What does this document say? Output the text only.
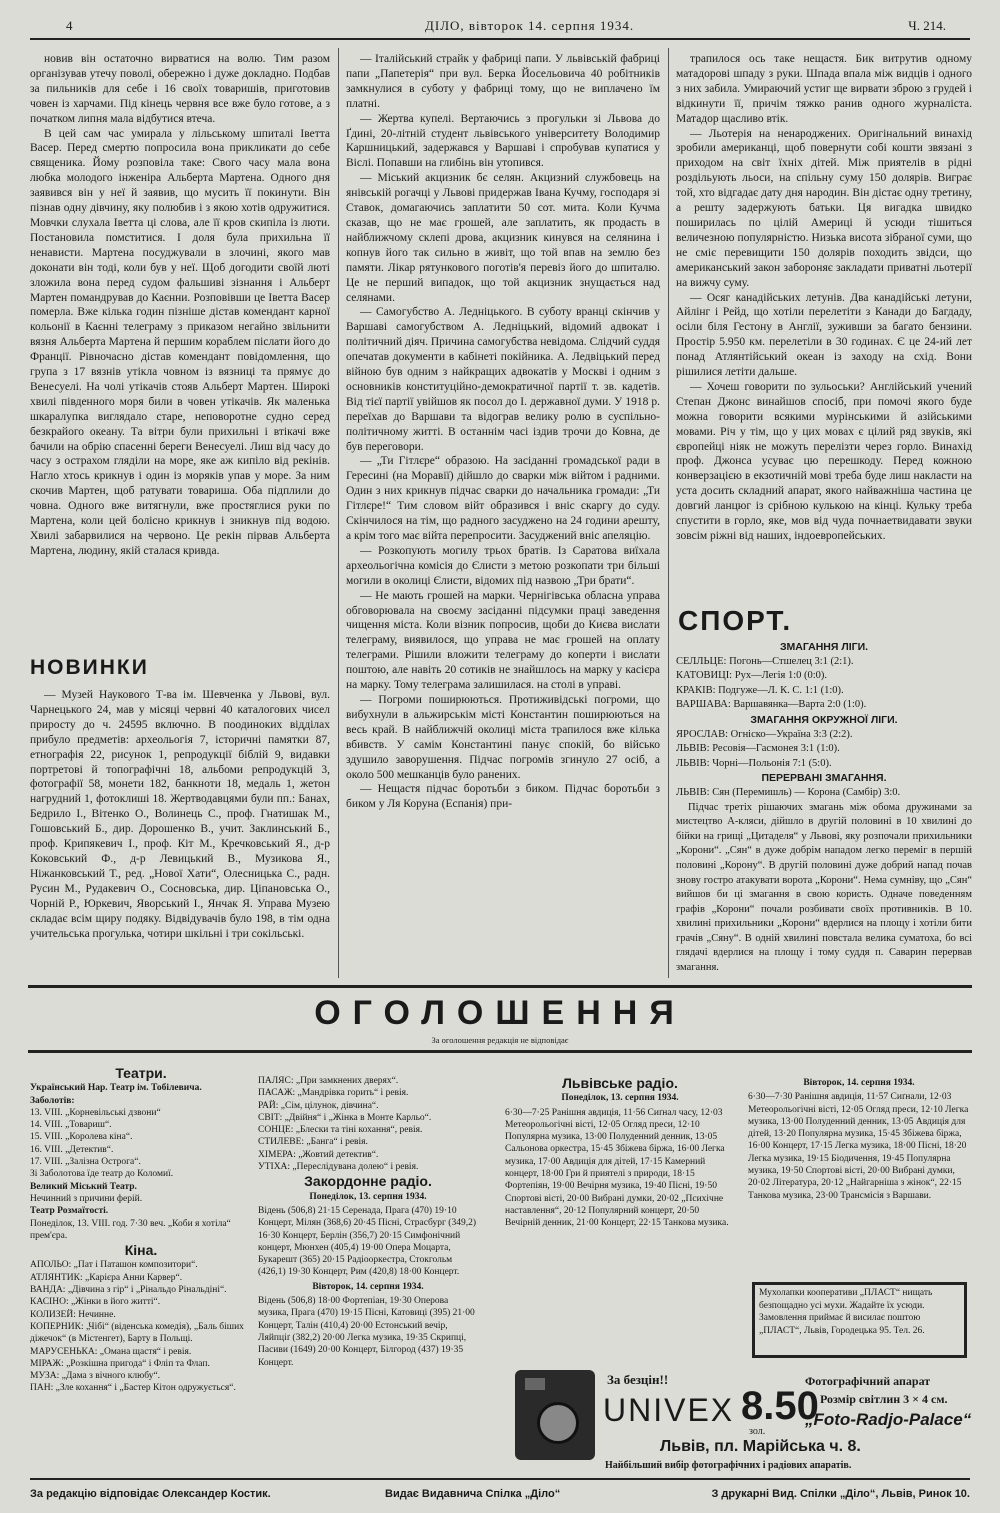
4	ДІЛО, вівторок 14. серпня 1934.	Ч. 214.

новив він остаточно вирватися на волю. Тим разом організував утечу поволі, обережно і дуже докладно. Подбав за пильників для себе і 16 своїх товаришів, приготовив човен із харчами. Під кінець червня все вже було готове, а з початком липня мала відбутися втеча.

В цей сам час умирала у лільському шпиталі Іветта Васер. Перед смертю попросила вона прикликати до себе священика. Йому розповіла таке: Свого часу мала вона любка молодого інженіра Альберта Мартена. Одного дня заявився він у неї й заявив, що мусить її покинути. Він пізнав одну дівчину, яку полюбив і з якою хотів одружитися. Мовчки слухала Іветта ці слова, але її кров скипіла із люти. Постановила помститися. І доля була прихильна її ненависти. Мартена посуджували в злочині, якого мав доконати він тоді, коли був у неї. Щоб догодити своїй люті зложила вона перед судом фальшиві зізнання і Альберт Мартен помандрував до Каєнни. Розповівши це Іветта Васер померла. Вже кілька годин пізніше дістав комендант карної кольонії в Каєнні телеграму з приказом негайно звільнити вязня Альберта Мартена й першим кораблем післати його до Франції. Рівночасно дістав комендант повідомлення, що група з 17 вязнів утікла човном із вязниці та прямує до Венесуелі. На чолі утікачів стояв Альберт Мартен. Широкі хвилі південного моря били в човен утікачів. Як маленька шкаралупка виглядало старе, неповоротне судно серед безкрайого океану. Та вітри були прихильні і втікачі вже бачили на обрію спасенні береги Венесуелі. Лиш від часу до часу з острахом гляділи на море, яке аж кипіло від рекінів. Нагло хтось крикнув і один із моряків упав у море. За ним скочив Мартен, щоб ратувати товариша. Оба підплили до човна. Одного вже витягнули, вже простяглися руки по Мартена, коли цей болісно крикнув і зникнув під водою. Хвилі забарвилися на червоно. Це рекін пірвав Альберта Мартена, людину, якій сталася кривда.

НОВИНКИ

— Музей Наукового Т-ва ім. Шевченка у Львові, вул. Чарнецького 24, мав у місяці червні 40 каталогових чисел приросту до ч. 24595 включно. В поодиноких відділах прибуло предметів: археольогія 7, історичні памятки 87, етнографія 22, рисунок 1, репродукції біблій 9, видавки портретові й топографічні 18, альбоми репродукцій 3, фотографії 58, монети 182, банкноти 18, медаль 1, жетон нагрудний 1, фотоклиші 18. Жертводавцями були пп.: Банах, Бедрило І., Вітенко О., Волинець С., проф. Гнатишак М., Гошовський Б., дир. Дорошенко В., учит. Заклинський Б., проф. Крипякевич І., проф. Кіт М., Кречковський Я., д-р Коковський Ф., д-р Левицький В., Музикова Я., Ніжанковський Т., ред. „Нової Хати“, Олесницька С., радн. Русин М., Рудакевич О., Сосновська, дир. Ціпановська О., Чорній Р., Юркевич, Яворський І., Янчак Я. Управа Музею складає всім щиру подяку. Відвідувачів було 198, в тім одна учительська прогулька, чотири шкільні і три сокільські.

— Італійський страйк у фабриці папи. У львівській фабриці папи „Папетерія“ при вул. Берка Йосельовича 40 робітників замкнулися в суботу у фабриці тому, що не виплачено їм платні.

— Жертва купелі. Вертаючись з прогульки зі Львова до Ґдині, 20-літній студент львівського університету Володимир Каршницький, задержався у Варшаві і спробував купатися у Віслі. Попавши на глибінь він утопився.

— Міський акцизник бє селян. Акцизний службовець на янівській рогачці у Львові придержав Івана Кучму, господаря зі Ставок, домагаючись заплатити 50 сот. мита. Коли Кучма сказав, що не має грошей, але заплатить, як продасть в найближчому склепі дрова, акцизник кинувся на селянина і копнув його так сильно в живіт, що той впав на землю без памяти. Лікар рятункового поготів'я перевіз його до шпиталю. Це не перший випадок, що той акцизник знущається над селянами.

— Самогубство А. Ледніцького. В суботу вранці скінчив у Варшаві самогубством А. Ледніцький, відомий адвокат і політичний діяч. Причина самогубства невідома. Слідчий суддя опечатав документи в кабінеті покійника. А. Ледвіцький перед війною був одним з найкращих адвокатів у Москві і одним з основників конституційно-демократичної партії т. зв. кадетів. Від тієї партії увійшов як посол до І. державної думи. У 1918 р. переїхав до Варшави та відограв велику ролю в суспільно-політичному житті. В останнім часі іздив трочи до Ковна, де був переговори.

— „Ти Гітлєре“ образою. На засіданні громадської ради в Гересині (на Моравії) дійшло до сварки між війтом і радними. Один з них крикнув підчас сварки до начальника громади: „Ти Гітлєре!“ Тим словом війт образився і вніс скаргу до суду. Скінчилося на тім, що радного засуджено на 24 години арешту, а крім того має війта перепросити. Засуджений вніс апеляцію.

— Розкопують могилу трьох братів. Із Саратова виїхала археольогічна комісія до Єлисти з метою розкопати три більші могили в околиці Єлисти, відомих під назвою „Три брати“.

— Не мають грошей на марки. Чернігівська обласна управа обговорювала на своєму засіданні підсумки праці заведення чищення міста. Коли візник попросив, щоби до Києва вислати телеграму, виявилося, що управа не має грошей на оплату телеграми. Рішили вложити телеграму до коперти і вислати поштою, але навіть 20 сотиків не знайшлось на марку у касієра на марку. Тому телеграма залишилася. на столі в управі.

— Погроми поширюються. Протиживідські погроми, що вибухнули в альжирськім місті Константин поширюються на весь край. В найближчій околиці міста трапилося вже кілька вбивств. У самім Константині панує спокій, бо військо здушило заворушення. Підчас погромів згинуло 27 осіб, а около 500 мешканців було ранених.

— Нещастя підчас боротьби з биком. Підчас боротьби з биком у Ля Коруна (Еспанія) при-

трапилося ось таке нещастя. Бик витрутив одному матадорові шпаду з руки. Шпада впала між видців і одного з них забила. Умираючий устиг ще вирвати зброю з грудей і відкинути її, причім тяжко ранив одного журналіста. Матадор щасливо втік.

— Льотерія на ненароджених. Оригінальний винахід зробили американці, щоб повернути собі кошти звязані з приходом на світ їхніх дітей. Між приятелів в рідні роздільують льоси, на спільну суму 150 долярів. Виграє той, хто відгадає дату дня народин. Він дістає одну третину, а решту задержують батьки. Ця вигадка швидко поширилась по цілій Америці й усюди тішиться величезною популярністю. Низька висота зібраної суми, що не сміє перевищити 150 долярів походить звідси, що американський закон забороняє закладати приватні льотерії на вижчу суму.

— Осяг канадійських летунів. Два канадійські летуни, Айлінг і Рейд, що хотіли перелетіти з Канади до Багдаду, осіли біля Гестону в Англії, зуживши за багато бензини. Простір 5.950 км. перелетіли в 30 годинах. Є це 24-ий лет понад Атлянтійський океан із заходу на схід. Вони рішилися летіти дальше.

— Хочеш говорити по зульоськи? Англійський учений Степан Джонс винайшов спосіб, при помочі якого буде можна говорити всякими мурінськими й азійськими мовами. Річ у тім, що у цих мовах є цілий ряд звуків, які європейці ніяк не можуть перелізти через горло. Винахід проф. Джонса усуває цю перешкоду. Перед кожною конверзацією в екзотичній мові треба буде лиш накласти на уста досить складний апарат, якого найважніша частина це довгий ланцюг із срібною кулькою на кінці. Кульку треба спустити в горло, яке, мов від чуда почнаетвидавати звуки зовсім ріжні від наших, індоевропейських.

СПОРТ.
ЗМАГАННЯ ЛІГИ.
СЕЛЛЬЦЕ: Погонь—Стшелец 3:1 (2:1).
КАТОВИЦІ: Рух—Легія 1:0 (0:0).
КРАКІВ: Подгуже—Л. К. С. 1:1 (1:0).
ВАРШАВА: Варшавянка—Варта 2:0 (1:0).
ЗМАГАННЯ ОКРУЖНОЇ ЛІГИ.
ЯРОСЛАВ: Огніско—Україна 3:3 (2:2).
ЛЬВІВ: Ресовія—Гасмонея 3:1 (1:0).
ЛЬВІВ: Чорні—Польонія 7:1 (5:0).
ПЕРЕРВАНІ ЗМАГАННЯ.
ЛЬВІВ: Сян (Перемишль) — Корона (Самбір) 3:0.

Підчас третіх рішаючих змагань між обома дружинами за мистецтво А-кляси, дійшло в другій половині в 10 хвилині до бійки на грищі „Цитаделя“ у Львові, яку розпочали прихильники „Корони“. „Сян“ в дуже добрім нападом легко переміг в першій половині „Корону“. В другій половині дуже добрий напад почав знову гостро атакувати ворота „Корони“. Нема сумніву, що „Сян“ вийшов би ці змагання в свою користь. Одначе поведенням графів „Корони“ почали розбивати своїх противників. В 10. хвилині прихильники „Корони“ вдерлися на площу і хотіли бити грачів „Сяну“. В одній хвилині повстала велика суматоха, бо всі глядачі вдерлися на площу і тому суддя п. Саварин перервав змагання.

ОГОЛОШЕННЯ
За оголошення редакція не відповідає
Театри.
Український Нар. Театр ім. Тобілевича.
Заболотів:
13. VIII. „Корневільські дзвони“
14. VIII. „Товариш“.
15. VIII. „Королева кіна“.
16. VIII. „Детектив“.
17. VIII. „Залізна Острога“.
Зі Заболотова їде театр до Коломиї.
Великий Міський Театр.
Нечинний з причини ферій.
Театр Розмаїтості.
Понеділок, 13. VIII. год. 7·30 веч. „Коби я хотіла“ прем'єра.
Кіна.
АПОЛЬО: „Пат і Паташон композитори“.
АТЛЯНТИК: „Карієра Анни Карвер“.
ВАНДА: „Дівчина з гір“ і „Рінальдо Рінальдіні“.
КАСІНО: „Жінки в його житті“.
КОЛИЗЕЙ: Нечинне.
КОПЕРНИК: „Чібі“ (віденська комедія), „Баль біших діжечок“ (в Містенгет), Барту в Польщі.
МАРУСЕНЬКА: „Омана щастя“ і ревія.
МІРАЖ: „Розкішна пригода“ і Фліп та Флап.
МУЗА: „Дама з вічного клюбу“.
ПАН: „Зле кохання“ і „Бастер Кітон одружується“.
ПАЛЯС: „При замкнених дверях“.
ПАСАЖ: „Мандрівка горить“ і ревія.
РАЙ: „Сім, цілунок, дівчина“.
СВІТ: „Двійня“ і „Жінка в Монте Карльо“.
СОНЦЕ: „Блески та тіні кохання“, ревія.
СТИЛЕВЕ: „Банга“ і ревія.
ХІМЕРА: „Жовтий детектив“.
УТІХА: „Переслідувана долею“ і ревія.
Закордонне радіо.
Понеділок, 13. серпня 1934.
Відень (506,8) 21·15 Серенада, Прага (470) 19·10 Концерт, Мілян (368,6) 20·45 Пісні, Страсбург (349,2) 16·30 Концерт, Берлін (356,7) 20·15 Симфонічний концерт, Мюнхен (405,4) 19·00 Опера Моцарта, Букарешт (365) 20·15 Радіооркестра, Стокгольм (426,1) 19·30 Концерт, Рим (420,8) 18·00 Концерт.
Вівторок, 14. серпня 1934.
Відень (506,8) 18·00 Фортепіан, 19·30 Оперова музика, Прага (470) 19·15 Пісні, Катовиці (395) 21·00 Концерт, Талін (410,4) 20·00 Естонський вечір, Ляйпціґ (382,2) 20·00 Легка музика, 19·35 Скрипці, Пасиви (1649) 20·00 Концерт, Білгород (437) 19·35 Концерт.
Львівське радіо.
Понеділок, 13. серпня 1934.
6·30—7·25 Ранішня авдиція, 11·56 Сиґнал часу, 12·03 Метеорольогічні вісті, 12·05 Огляд преси, 12·10 Популярна музика, 13·00 Полуденний денник, 13·05 Сальонова оркестра, 15·45 Збіжева біржа, 16·00 Легка музика, 17·00 Авдиція для дітей, 17·15 Камерний концерт, 18·00 Гри й приятелі з природи, 18·15 Фортепіян, 19·00 Вечірня музика, 19·40 Пісні, 19·50 Спортові вісті, 20·00 Вибрані думки, 20·02 „Психічне наставлення“, 20·12 Популярний концерт, 20·50 Вечірній денник, 21·00 Концерт, 22·15 Танкова музика.
Вівторок, 14. серпня 1934.
6·30—7·30 Ранішня авдиція, 11·57 Сиґнали, 12·03 Метеорольогічні вісті, 12·05 Огляд преси, 12·10 Легка музика, 13·00 Полуденний денник, 13·05 Авдиція для дітей, 13·20 Популярна музика, 15·45 Збіжева біржа, 16·00 Концерт, 17·15 Легка музика, 18·00 Пісні, 18·20 Легка музика, 19·15 Біодичення, 19·45 Популярна музика, 19·50 Спортові вісті, 20·00 Вибрані думки, 20·02 Література, 20·12 „Найгарніша з жінок“, 22·15 Танкова музика, 23·00 Трансмісія з Варшави.
Мухолапки кооперативи „ПЛАСТ“ нищать безпощадно усі мухи. Жадайте їх усюди. Замовлення приймає й висилає поштою „ПЛАСТ“, Львів, Городецька 95. Тел. 26.
За безцін!!
UNIVEX 8.50
зол.
Фотографічний апарат
Розмір світлин 3 × 4 см.
„Foto-Radjo-Palace“
Львів, пл. Марійська ч. 8.
Найбільший вибір фотографічних і радіових апаратів.
За редакцію відповідає Олександер Костик.	Видає Видавнича Спілка „Діло“	З друкарні Вид. Спілки „Діло“, Львів, Ринок 10.
